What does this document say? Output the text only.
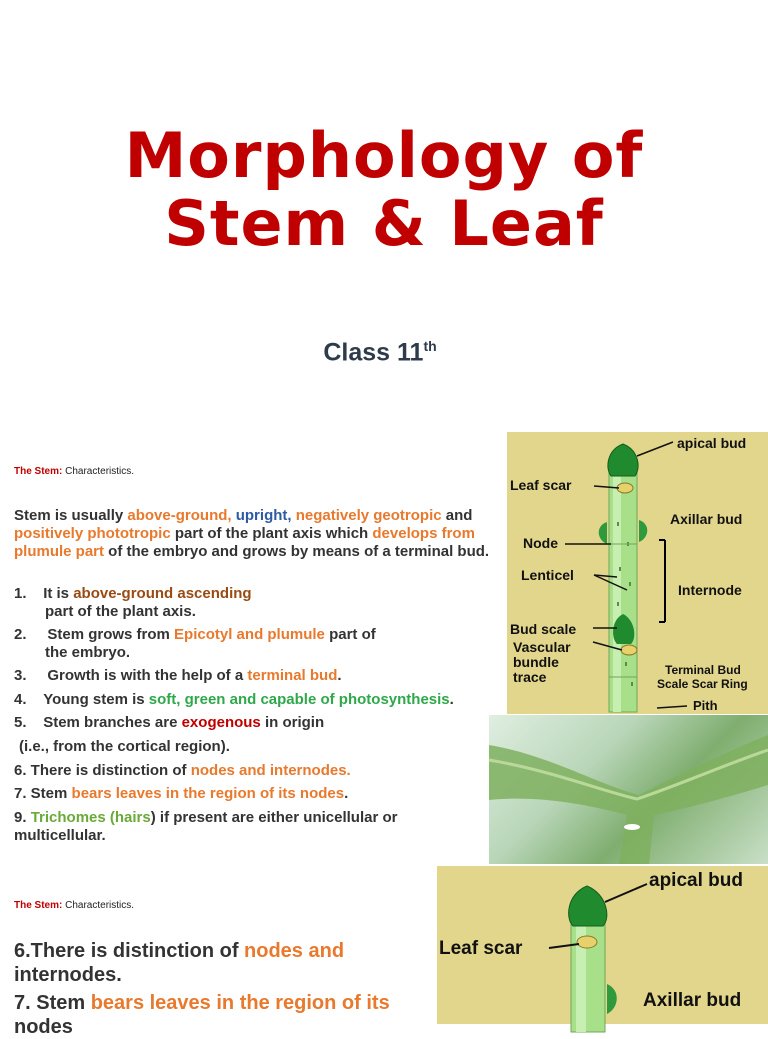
Morphology of
Stem & Leaf
Class 11th
The Stem: Characteristics.
Stem is usually above-ground, upright, negatively geotropic and
positively phototropic part of the plant axis which develops from
plumule part of the embryo and grows by means of a terminal bud.
1. It is above-ground ascending
part of the plant axis.
2.     Stem grows from Epicotyl and plumule part of
the embryo.
3.     Growth is with the help of a terminal bud.
4. Young stem is soft, green and capable of photosynthesis.
5. Stem branches are exogenous in origin
(i.e., from the cortical region).
6. There is distinction of nodes and internodes.
7. Stem bears leaves in the region of its nodes.
9. Trichomes (hairs) if present are either unicellular or
multicellular.
apical bud
Leaf scar
Axillar bud
Node
Lenticel
Internode
Bud scale
Vascular
bundle
trace	Terminal Bud
Scale Scar Ring
Pith
The Stem: Characteristics.
6.There is distinction of nodes and
internodes.
7. Stem bears leaves in the region of its
nodes
apical bud
Leaf scar
Axillar bud
